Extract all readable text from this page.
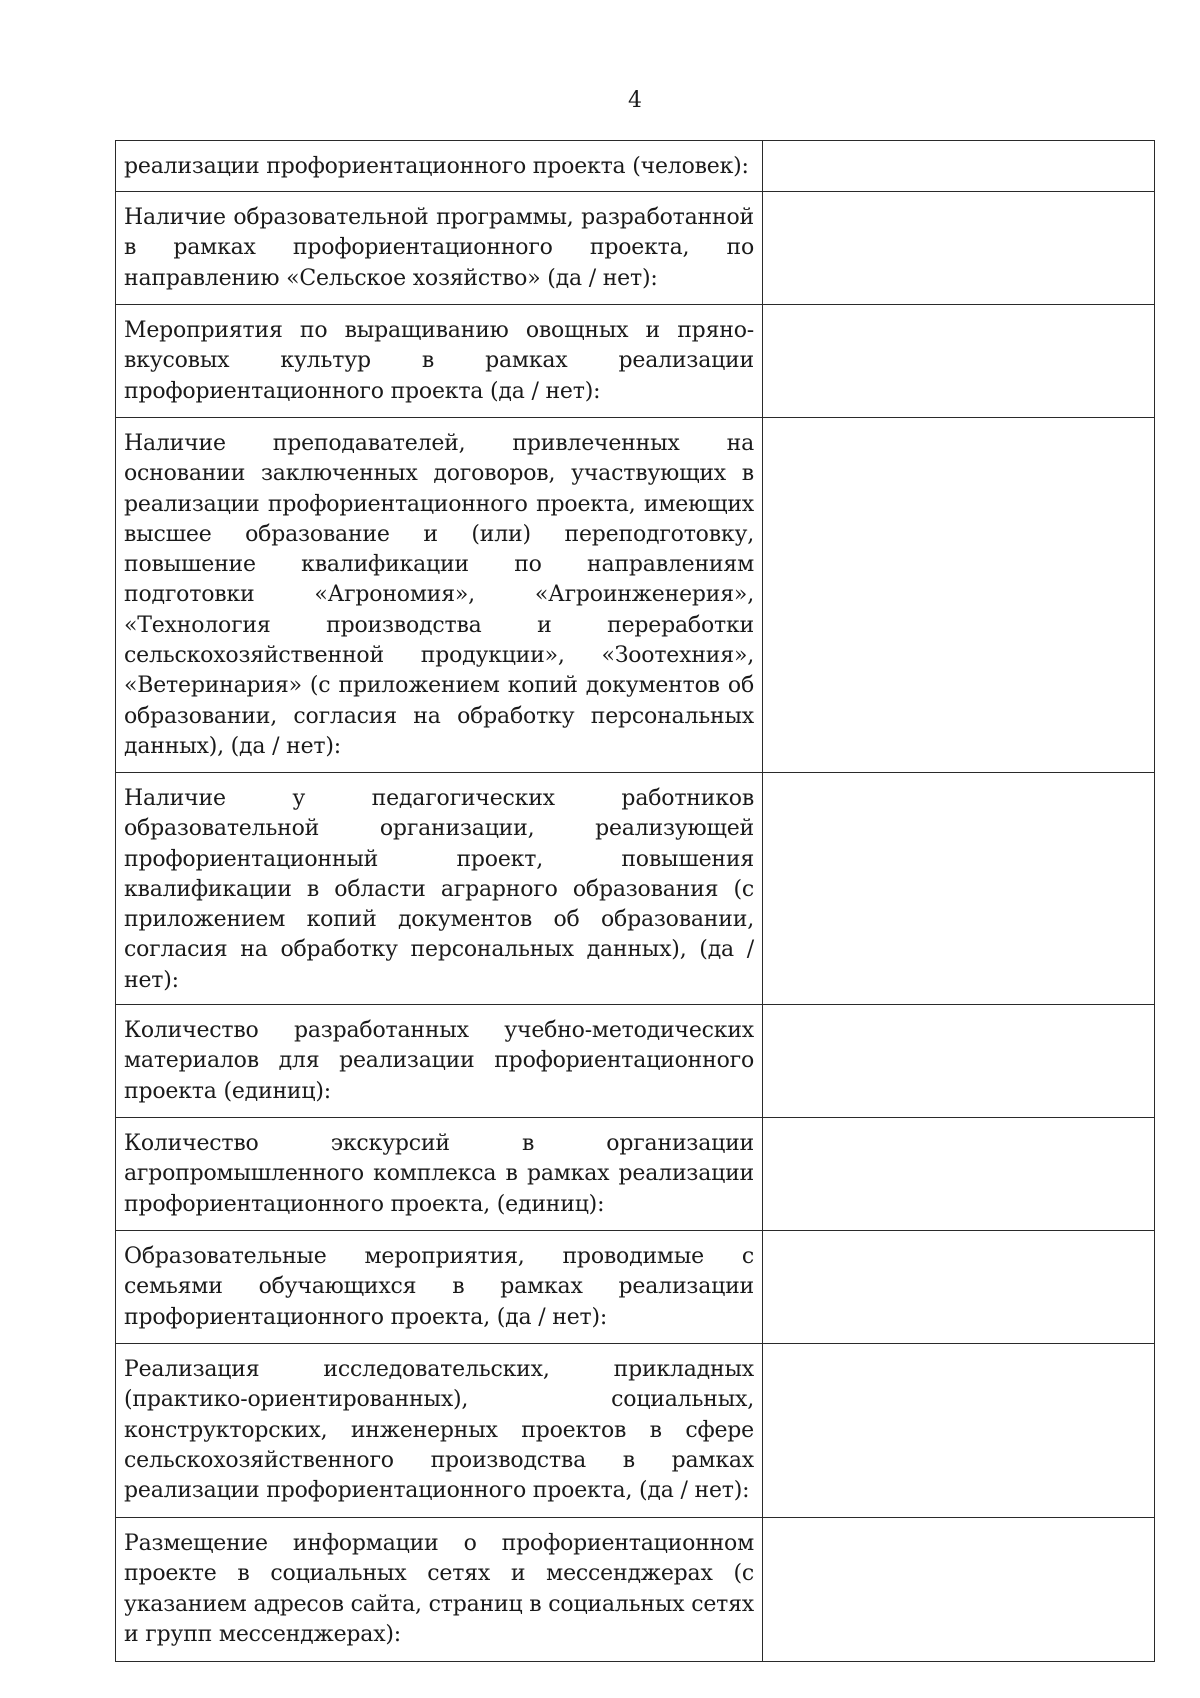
4
реализации профориентационного проекта (человек):	

Наличие образовательной программы, разработанной в рамках профориентационного проекта, по направлению «Сельское хозяйство» (да / нет):	

Мероприятия по выращиванию овощных и пряно-вкусовых культур в рамках реализации профориентационного проекта (да / нет):	

Наличие преподавателей, привлеченных на основании заключенных договоров, участвующих в реализации профориентационного проекта, имеющих высшее образование и (или) переподготовку, повышение квалификации по направлениям подготовки «Агрономия», «Агроинженерия», «Технология производства и переработки сельскохозяйственной продукции», «Зоотехния», «Ветеринария» (с приложением копий документов об образовании, согласия на обработку персональных данных), (да / нет):	

Наличие у педагогических работников образовательной организации, реализующей профориентационный проект, повышения квалификации в области аграрного образования (с приложением копий документов об образовании, согласия на обработку персональных данных), (да / нет):	

Количество разработанных учебно-методических материалов для реализации профориентационного проекта (единиц):	

Количество экскурсий в организации агропромышленного комплекса в рамках реализации профориентационного проекта, (единиц):	

Образовательные мероприятия, проводимые с семьями обучающихся в рамках реализации профориентационного проекта, (да / нет):	

Реализация исследовательских, прикладных (практико-ориентированных), социальных, конструкторских, инженерных проектов в сфере сельскохозяйственного производства в рамках реализации профориентационного проекта, (да / нет):	

Размещение информации о профориентационном проекте в социальных сетях и мессенджерах (с указанием адресов сайта, страниц в социальных сетях и групп мессенджерах):	
